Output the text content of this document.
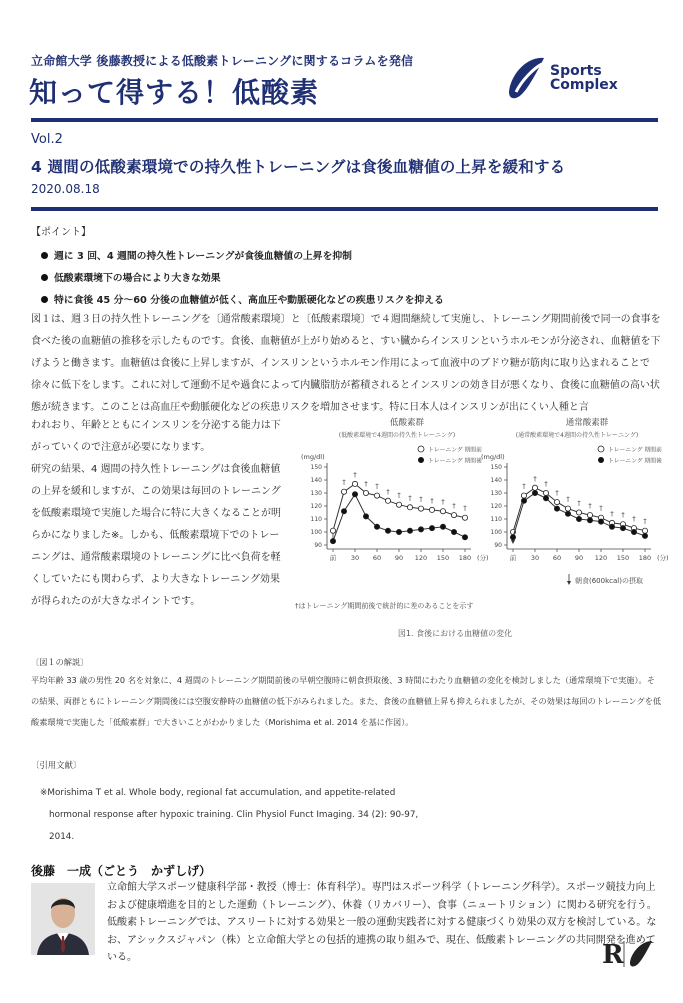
立命館大学 後藤教授による低酸素トレーニングに関するコラムを発信
知って得する！低酸素
Sports
Complex
Vol.2
4 週間の低酸素環境での持久性トレーニングは食後血糖値の上昇を緩和する
2020.08.18
【ポイント】
週に 3 回、4 週間の持久性トレーニングが食後血糖値の上昇を抑制
低酸素環境下の場合により大きな効果
特に食後 45 分〜60 分後の血糖値が低く、高血圧や動脈硬化などの疾患リスクを抑える
図１は、週３日の持久性トレーニングを〔通常酸素環境〕と〔低酸素環境〕で４週間継続して実施し、トレーニング期間前後で同一の食事を食べた後の血糖値の推移を示したものです。食後、血糖値が上がり始めると、すい臓からインスリンというホルモンが分泌され、血糖値を下げようと働きます。血糖値は食後に上昇しますが、インスリンというホルモン作用によって血液中のブドウ糖が筋肉に取り込まれることで徐々に低下をします。これに対して運動不足や過食によって内臓脂肪が蓄積されるとインスリンの効き目が悪くなり、食後に血糖値の高い状態が続きます。このことは高血圧や動脈硬化などの疾患リスクを増加させます。特に日本人はインスリンが出にくい人種と言
われおり、年齢とともにインスリンを分泌する能力は下がっていくので注意が必要になります。
研究の結果、4 週間の持久性トレーニングは食後血糖値の上昇を緩和しますが、この効果は毎回のトレーニングを低酸素環境で実施した場合に特に大きくなることが明らかになりました※。しかも、低酸素環境下でのトレーニングは、通常酸素環境のトレーニングに比べ負荷を軽くしていたにも関わらず、より大きなトレーニング効果が得られたのが大きなポイントです。
低酸素群
(低酸素環境で4週間の持久性トレーニング)
(mg/dl)
トレーニング 期間前
トレーニング 期間後
150
140
130
120
110
100
90
前 30 60 90 120 150 180 (分)
†
†
† †
† † † † † † † †
通常酸素群
(通常酸素環境で4週間の持久性トレーニング)
(mg/dl)
トレーニング 期間前
トレーニング 期間後
150
140
130
120
110
100
90
前 30 60 90 120 150 180 (分)
†
†
†
†
† † † †
† † † †
朝食(600kcal)の摂取
†はトレーニング期間前後で統計的に差のあることを示す
図1. 食後における血糖値の変化
〔図１の解説〕
平均年齢 33 歳の男性 20 名を対象に、4 週間のトレーニング期間前後の早朝空腹時に朝食摂取後、3 時間にわたり血糖値の変化を検討しました（通常環境下で実施）。その結果、両群ともにトレーニング期間後には空腹安静時の血糖値の低下がみられました。また、食後の血糖値上昇も抑えられましたが、その効果は毎回のトレーニングを低酸素環境で実施した「低酸素群」で大きいことがわかりました（Morishima et al. 2014 を基に作図）。
〔引用文献〕
※Morishima T et al. Whole body, regional fat accumulation, and appetite-related
hormonal response after hypoxic training. Clin Physiol Funct Imaging. 34 (2): 90-97,
2014.
後藤　一成（ごとう　かずしげ）
立命館大学スポーツ健康科学部・教授（博士：体育科学）。専門はスポーツ科学（トレーニング科学）。スポーツ競技力向上および健康増進を目的とした運動（トレーニング）、休養（リカバリー）、食事（ニュートリション）に関わる研究を行う。低酸素トレーニングでは、アスリートに対する効果と一般の運動実践者に対する健康づくり効果の双方を検討している。なお、アシックスジャパン（株）と立命館大学との包括的連携の取り組みで、現在、低酸素トレーニングの共同開発を進めている。	R
